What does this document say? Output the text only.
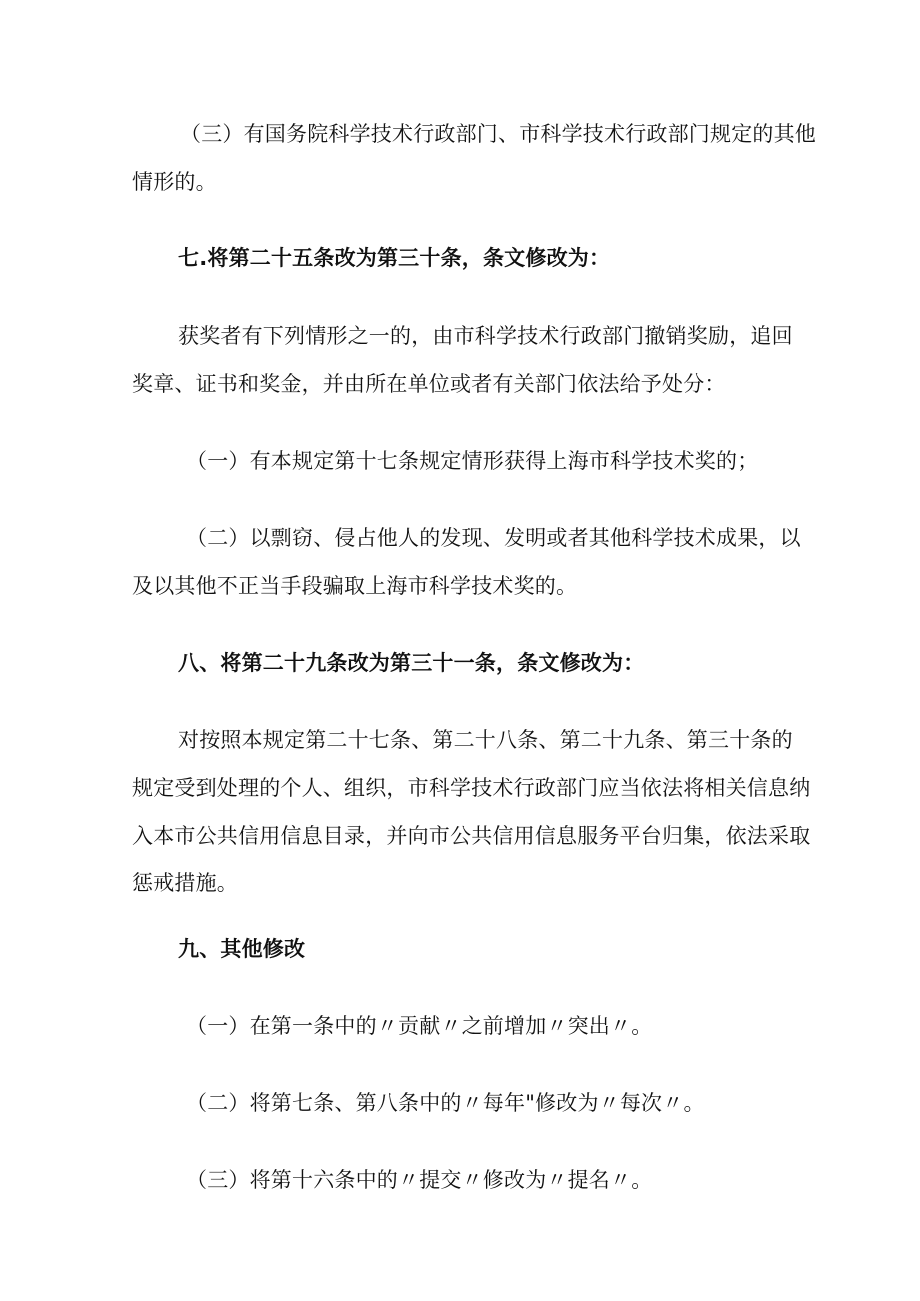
（三）有国务院科学技术行政部门、市科学技术行政部门规定的其他
情形的。
七.将第二十五条改为第三十条，条文修改为：
获奖者有下列情形之一的，由市科学技术行政部门撤销奖励，追回
奖章、证书和奖金，并由所在单位或者有关部门依法给予处分：
（一）有本规定第十七条规定情形获得上海市科学技术奖的；
（二）以剽窃、侵占他人的发现、发明或者其他科学技术成果，以
及以其他不正当手段骗取上海市科学技术奖的。
八、将第二十九条改为第三十一条，条文修改为：
对按照本规定第二十七条、第二十八条、第二十九条、第三十条的
规定受到处理的个人、组织，市科学技术行政部门应当依法将相关信息纳
入本市公共信用信息目录，并向市公共信用信息服务平台归集，依法采取
惩戒措施。
九、其他修改
（一）在第一条中的〃贡献〃之前增加〃突出〃。
（二）将第七条、第八条中的〃每年"修改为〃每次〃。
（三）将第十六条中的〃提交〃修改为〃提名〃。
